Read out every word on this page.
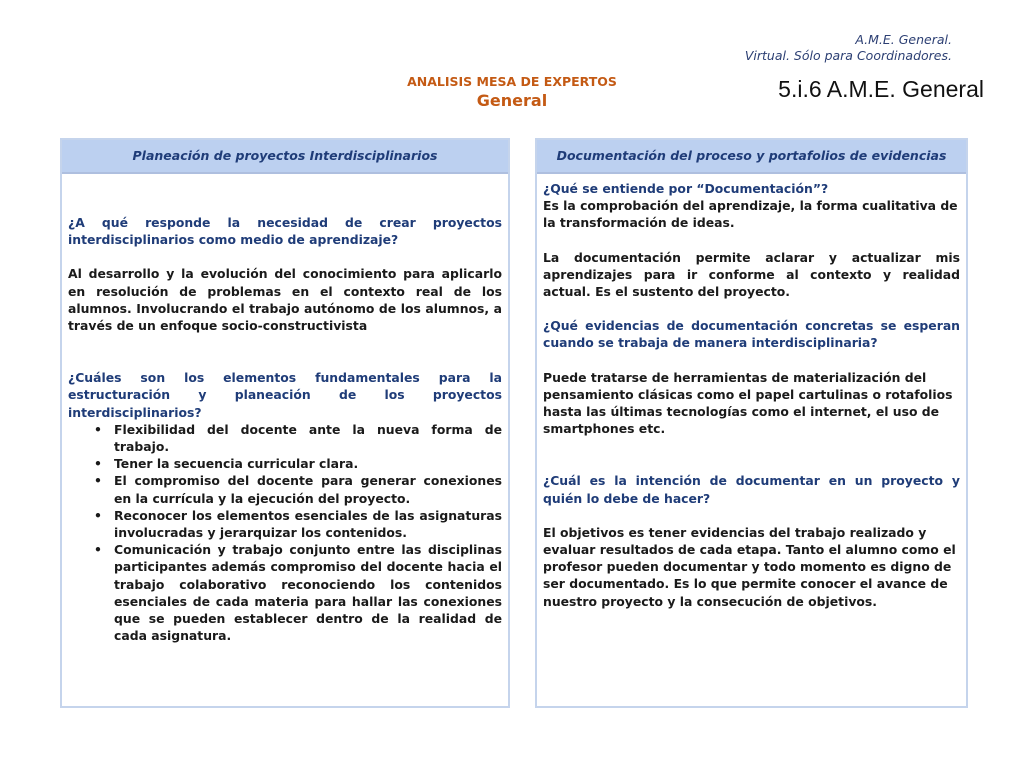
A.M.E. General.
Virtual. Sólo para Coordinadores.
5.i.6 A.M.E. General
ANALISIS MESA DE EXPERTOS
General
Planeación de proyectos Interdisciplinarios

¿A qué responde la necesidad de crear proyectos interdisciplinarios como medio de aprendizaje?

Al desarrollo y la evolución del conocimiento para aplicarlo en resolución de problemas en el contexto real de los alumnos. Involucrando el trabajo autónomo de los alumnos, a través de un enfoque socio-constructivista

¿Cuáles son los elementos fundamentales para la estructuración y planeación de los proyectos interdisciplinarios?

• Flexibilidad del docente ante la nueva forma de trabajo.
• Tener la secuencia curricular clara.
• El compromiso del docente para generar conexiones en la currícula y la ejecución del proyecto.
• Reconocer los elementos esenciales de las asignaturas involucradas y jerarquizar los contenidos.
• Comunicación y trabajo conjunto entre las disciplinas participantes además compromiso del docente hacia el trabajo colaborativo reconociendo los contenidos esenciales de cada materia para hallar las conexiones que se pueden establecer dentro de la realidad de cada asignatura.
Documentación del proceso y portafolios de evidencias

¿Qué se entiende por “Documentación”?

Es la comprobación del aprendizaje, la forma cualitativa de la transformación de ideas.

La documentación permite aclarar y actualizar mis aprendizajes para ir conforme al contexto y realidad actual. Es el sustento del proyecto.

¿Qué evidencias de documentación concretas se esperan cuando se trabaja de manera interdisciplinaria?

Puede tratarse de herramientas de materialización del pensamiento clásicas como el papel cartulinas o rotafolios hasta las últimas tecnologías como el internet, el uso de smartphones etc.

¿Cuál es la intención de documentar en un proyecto y quién lo debe de hacer?

El objetivos es tener evidencias del trabajo realizado y evaluar resultados de cada etapa. Tanto el alumno como el profesor pueden documentar y todo momento es digno de ser documentado. Es lo que permite conocer el avance de nuestro proyecto y la consecución de objetivos.
